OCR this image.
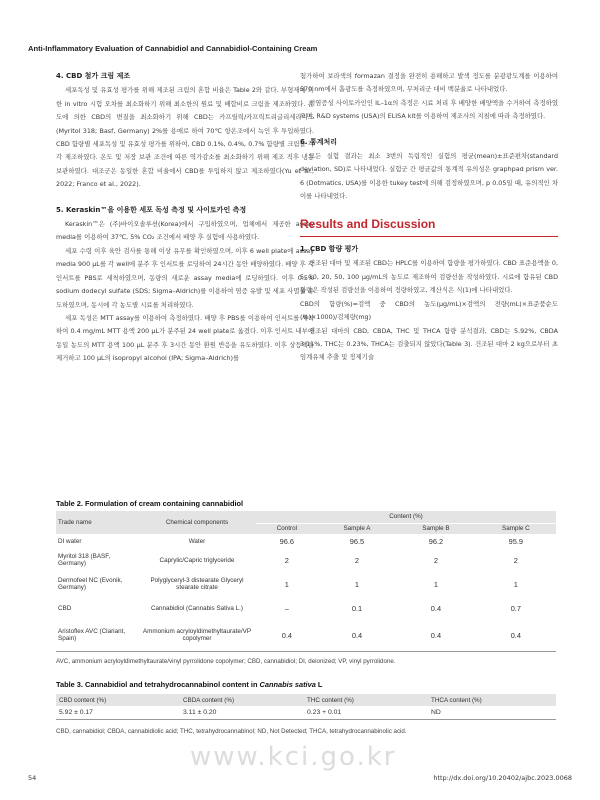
Anti-Inflammatory Evaluation of Cannabidiol and Cannabidiol-Containing Cream
4. CBD 첨가 크림 제조
세포독성 및 유효성 평가를 위해 제조된 크림의 혼합 비율은 Table 2와 같다. 부형제에 의한 in vitro 시험 오차를 최소화하기 위해 최소한의 원료 및 배합비로 크림을 제조하였다. 온도에 의한 CBD의 변질을 최소화하기 위해 CBD는 카프릴릭/카프릭트리글리세라이드(Myritol 318; Basf, Germany) 2%를 용매로 하여 70℃ 항온조에서 녹인 후 투입하였다. CBD 함량별 세포독성 및 유효성 평가를 위하여, CBD 0.1%, 0.4%, 0.7% 함량별 크림을 각각 제조하였다. 온도 및 저장 보관 조건에 따른 역가감소를 최소화하기 위해 제조 직후 냉동 보관하였다. 대조군은 동일한 혼합 비율에서 CBD를 투입하지 않고 제조하였다(Yu et al., 2022; Franco et al., 2022).
5. Keraskin™을 이용한 세포 독성 측정 및 사이토카인 측정
Keraskin™은 (주)바이오솔루션(Korea)에서 구입하였으며, 업체에서 제공한 assay media를 이용하여 37℃, 5% CO₂ 조건에서 배양 후 실험에 사용하였다.
세포 수령 이후 육안 검사를 통해 이상 유무를 확인하였으며, 이후 6 well plate에 assay media 900 µL를 각 well에 분주 후 인서트를 로딩하여 24시간 동안 배양하였다. 배양 후 각 인서트를 PBS로 세척하였으며, 동량의 새로운 assay media에 로딩하였다. 이후 0.5% sodium dodecyl sulfate (SDS; Sigma–Aldrich)를 이용하여 염증 유발 및 세포 사멸을 유도하였으며, 동시에 각 농도별 시료를 처리하였다.
세포 독성은 MTT assay를 이용하여 측정하였다. 배양 후 PBS를 이용하여 인서트를 세척하여 0.4 mg/mL MTT 용액 200 µL가 분주된 24 well plate로 옮겼다. 이후 인서트 내부에 동일 농도의 MTT 용액 100 µL 분주 후 3시간 동안 환원 반응을 유도하였다. 이후 상등액을 제거하고 100 µL의 isopropyl alcohol (IPA; Sigma–Aldrich)를
첨가하여 보라색의 formazan 결정을 완전히 용해하고 발색 정도를 분광광도계를 이용하여 570 nm에서 흡광도를 측정하였으며, 무처리군 대비 백분율로 나타내었다.
전염증성 사이토카인인 IL–1α의 측정은 시료 처리 후 배양한 배양액을 수거하여 측정하였으며, R&D systems (USA)의 ELISA kit를 이용하여 제조사의 지침에 따라 측정하였다.
6. 통계처리
모든 실험 결과는 최소 3번의 독립적인 실험의 평균(mean)±표준편차(standard deviation, SD)로 나타내었다. 실험군 간 평균값의 통계적 유의성은 graphpad prism ver. 6 (Dotmatics, USA)를 이용한 tukey test에 의해 검정하였으며, p 0.05일 때, 유의적인 차이를 나타내었다.
Results and Discussion
1. CBD 함량 평가
건조된 대마 및 제조된 CBD는 HPLC를 이용하여 함량을 평가하였다. CBD 표준용액을 0, 5, 10, 20, 50, 100 µg/mL의 농도로 제조하여 검량선을 작성하였다. 시료에 함유된 CBD 함량은 작성된 검량선을 이용하여 정량하였고, 계산식은 식(1)에 나타내었다.
CBD의 함량(%)=검액 중 CBD의 농도(µg/mL)×검액의 전량(mL)×표준품순도(%)×1000)/검체량(mg)
건조된 대마의 CBD, CBDA, THC 및 THCA 함량 분석결과, CBD는 5.92%, CBDA 3.11%, THC는 0.23%, THCA는 검출되지 않았다(Table 3). 건조된 대마 2 kg으로부터 초임계유체 추출 및 정제기술
Table 2. Formulation of cream containing cannabidiol
Trade name	Chemical components	Content (%)			
		Control	Sample A	Sample B	Sample C
DI water	Water	96.6	96.5	96.2	95.9
Myritol 318 (BASF, Germany)	Caprylic/Capric triglyceride	2	2	2	2
Dermofeel NC (Evonik, Germany)	Polyglyceryl-3 distearate Glyceryl stearate citrate	1	1	1	1
CBD	Cannabidiol (Cannabis Sativa L.)	–	0.1	0.4	0.7
Aristoflex AVC (Clariant, Spain)	Ammonium acryloyldimethyltaurate/VP copolymer	0.4	0.4	0.4	0.4
AVC, ammonium acryloyldimethyltaurate/vinyl pyrrolidone copolymer; CBD, cannabidiol; DI, deionized; VP, vinyl pyrrolidone.
Table 3. Cannabidiol and tetrahydrocannabinol content in Cannabis sativa L
CBD content (%)	CBDA content (%)	THC content (%)	THCA content (%)
5.92 ± 0.17	3.11 ± 0.20	0.23 + 0.01	ND
CBD, cannabidiol; CBDA, cannabidiolic acid; THC, tetrahydrocannabinol; ND, Not Detected; THCA, tetrahydrocannabinolic acid.
www.kci.go.kr
54	http://dx.doi.org/10.20402/ajbc.2023.0068
